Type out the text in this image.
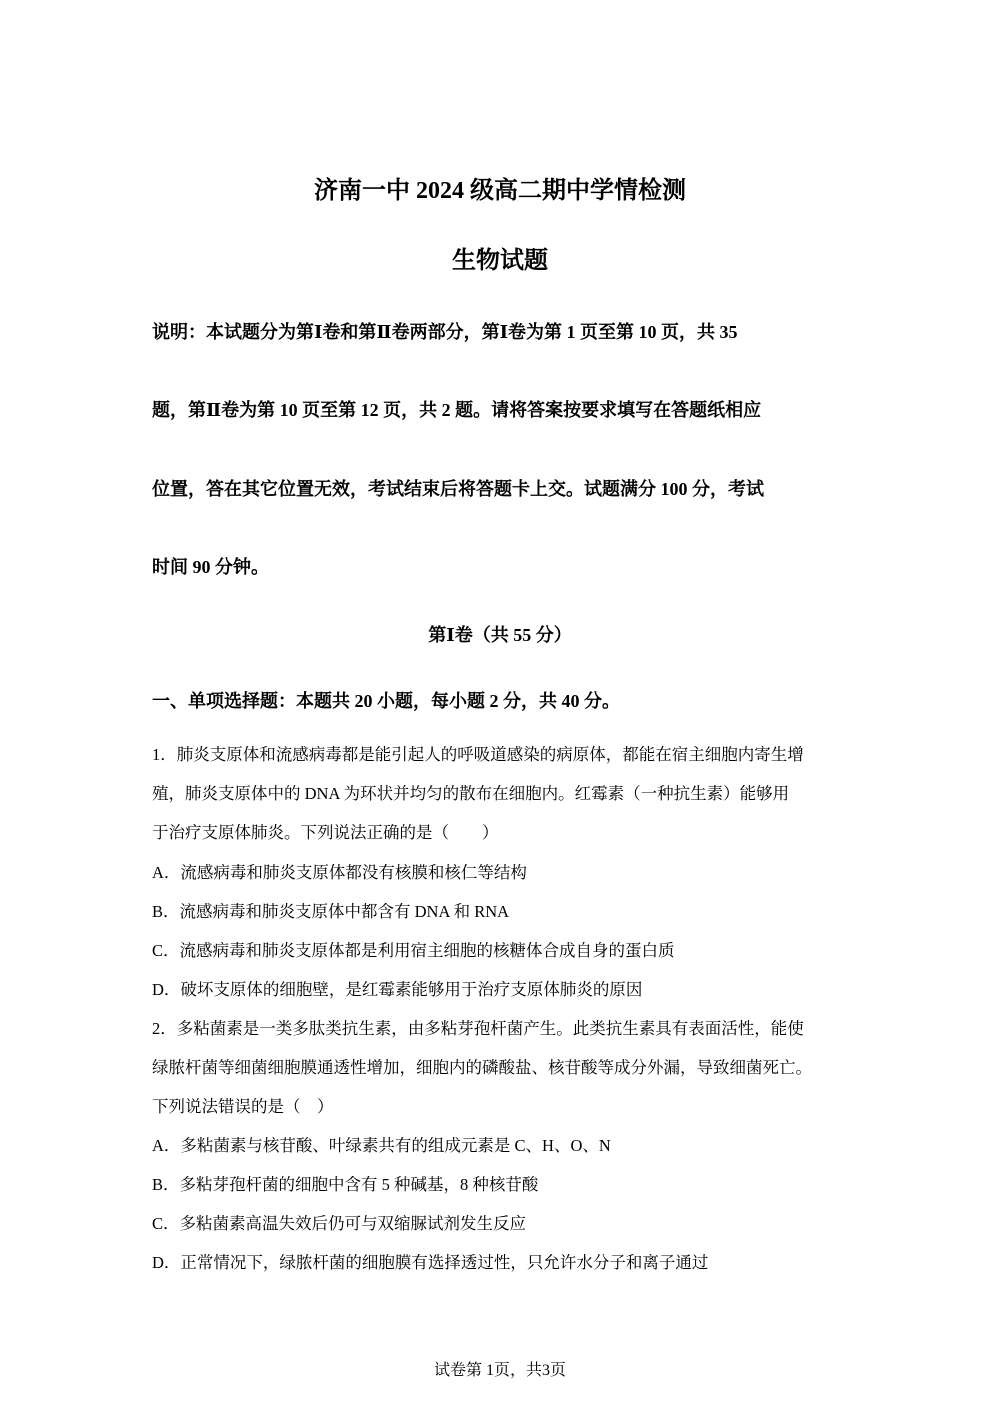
济南一中 2024 级高二期中学情检测
生物试题
说明：本试题分为第Ⅰ卷和第Ⅱ卷两部分，第Ⅰ卷为第 1 页至第 10 页，共 35
题，第Ⅱ卷为第 10 页至第 12 页，共 2 题。请将答案按要求填写在答题纸相应
位置，答在其它位置无效，考试结束后将答题卡上交。试题满分 100 分，考试
时间 90 分钟。
第Ⅰ卷（共 55 分）
一、单项选择题：本题共 20 小题，每小题 2 分，共 40 分。
1．肺炎支原体和流感病毒都是能引起人的呼吸道感染的病原体，都能在宿主细胞内寄生增
殖，肺炎支原体中的 DNA 为环状并均匀的散布在细胞内。红霉素（一种抗生素）能够用
于治疗支原体肺炎。下列说法正确的是（　　）
A．流感病毒和肺炎支原体都没有核膜和核仁等结构
B．流感病毒和肺炎支原体中都含有 DNA 和 RNA
C．流感病毒和肺炎支原体都是利用宿主细胞的核糖体合成自身的蛋白质
D．破坏支原体的细胞壁，是红霉素能够用于治疗支原体肺炎的原因
2．多粘菌素是一类多肽类抗生素，由多粘芽孢杆菌产生。此类抗生素具有表面活性，能使
绿脓杆菌等细菌细胞膜通透性增加，细胞内的磷酸盐、核苷酸等成分外漏，导致细菌死亡。
下列说法错误的是（　）
A．多粘菌素与核苷酸、叶绿素共有的组成元素是 C、H、O、N
B．多粘芽孢杆菌的细胞中含有 5 种碱基，8 种核苷酸
C．多粘菌素高温失效后仍可与双缩脲试剂发生反应
D．正常情况下，绿脓杆菌的细胞膜有选择透过性，只允许水分子和离子通过
试卷第 1页，共3页
